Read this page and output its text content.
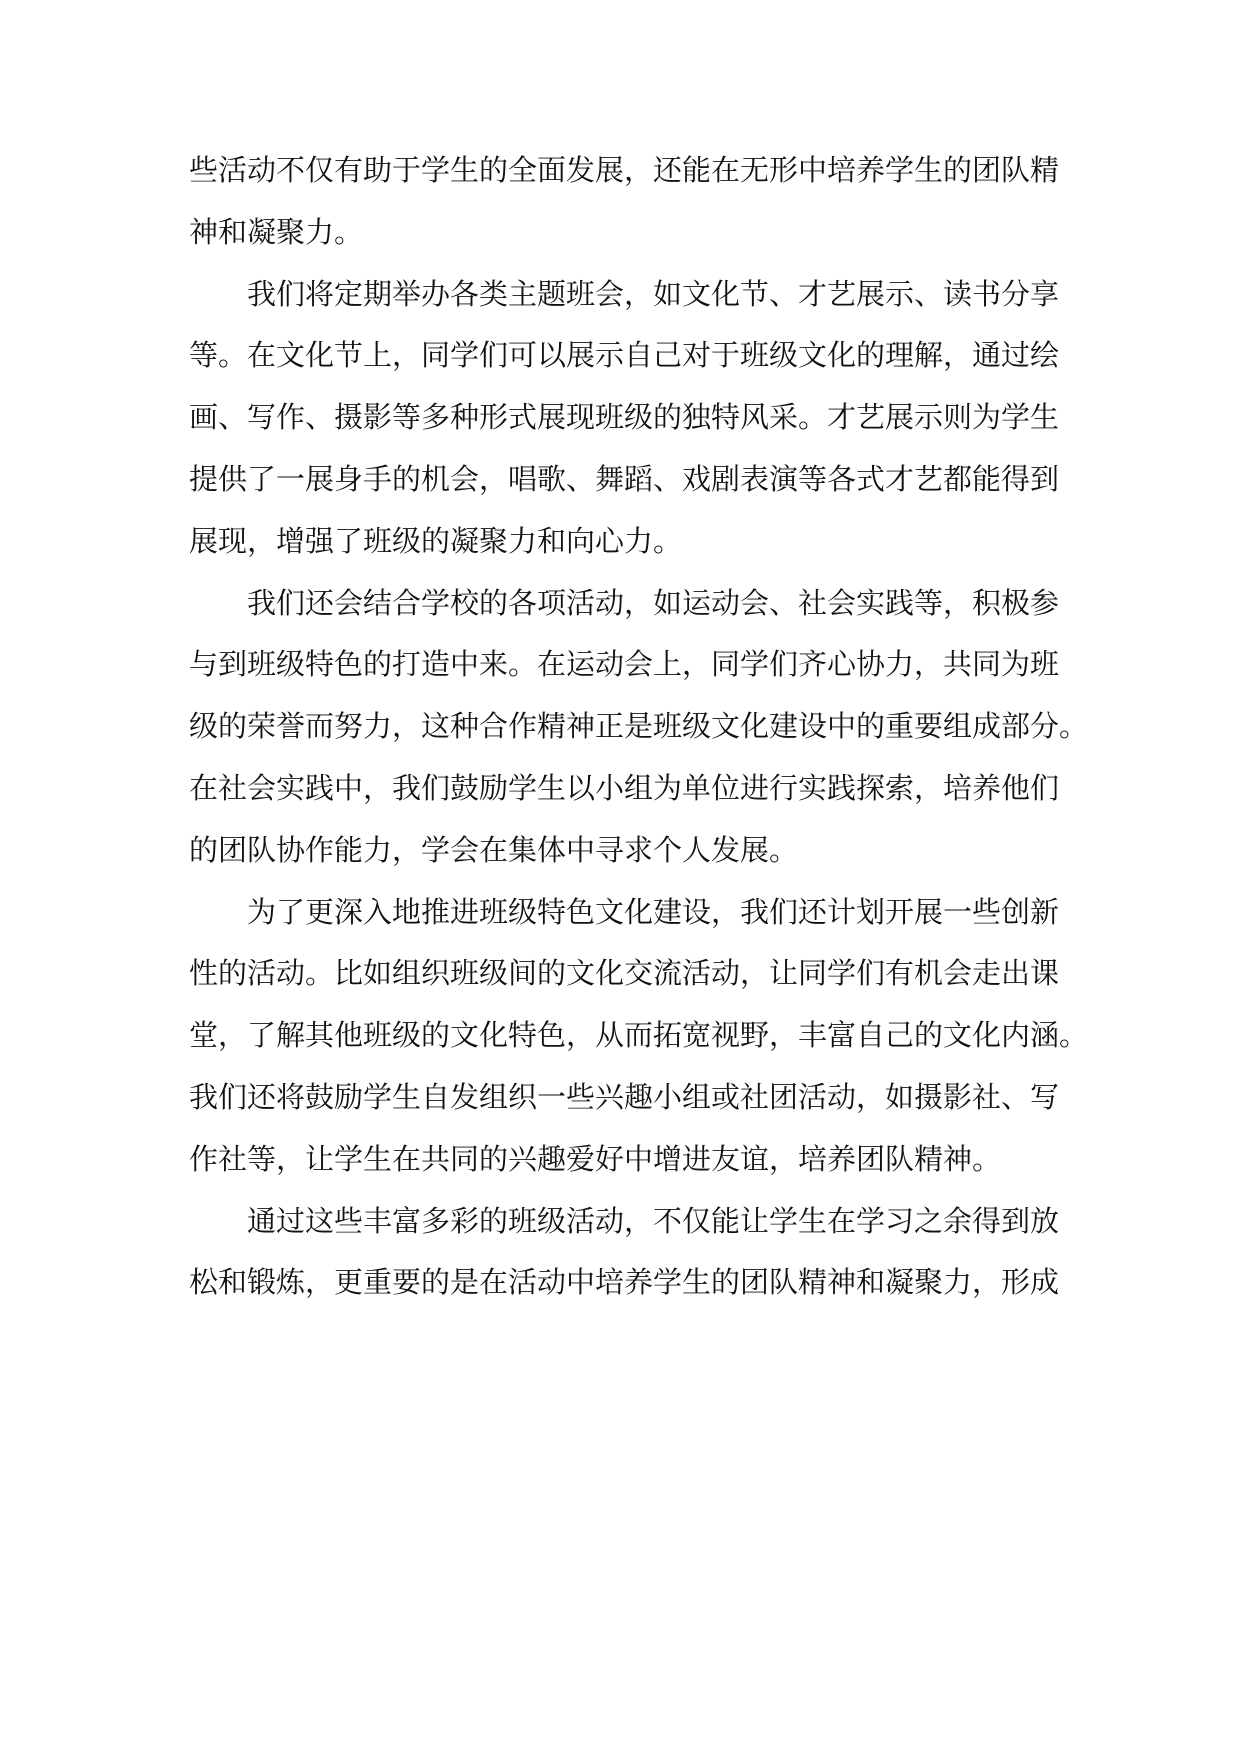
些活动不仅有助于学生的全面发展，还能在无形中培养学生的团队精
神和凝聚力。
我们将定期举办各类主题班会，如文化节、才艺展示、读书分享
等。在文化节上，同学们可以展示自己对于班级文化的理解，通过绘
画、写作、摄影等多种形式展现班级的独特风采。才艺展示则为学生
提供了一展身手的机会，唱歌、舞蹈、戏剧表演等各式才艺都能得到
展现，增强了班级的凝聚力和向心力。
我们还会结合学校的各项活动，如运动会、社会实践等，积极参
与到班级特色的打造中来。在运动会上，同学们齐心协力，共同为班
级的荣誉而努力，这种合作精神正是班级文化建设中的重要组成部分。
在社会实践中，我们鼓励学生以小组为单位进行实践探索，培养他们
的团队协作能力，学会在集体中寻求个人发展。
为了更深入地推进班级特色文化建设，我们还计划开展一些创新
性的活动。比如组织班级间的文化交流活动，让同学们有机会走出课
堂，了解其他班级的文化特色，从而拓宽视野，丰富自己的文化内涵。
我们还将鼓励学生自发组织一些兴趣小组或社团活动，如摄影社、写
作社等，让学生在共同的兴趣爱好中增进友谊，培养团队精神。
通过这些丰富多彩的班级活动，不仅能让学生在学习之余得到放
松和锻炼，更重要的是在活动中培养学生的团队精神和凝聚力，形成
